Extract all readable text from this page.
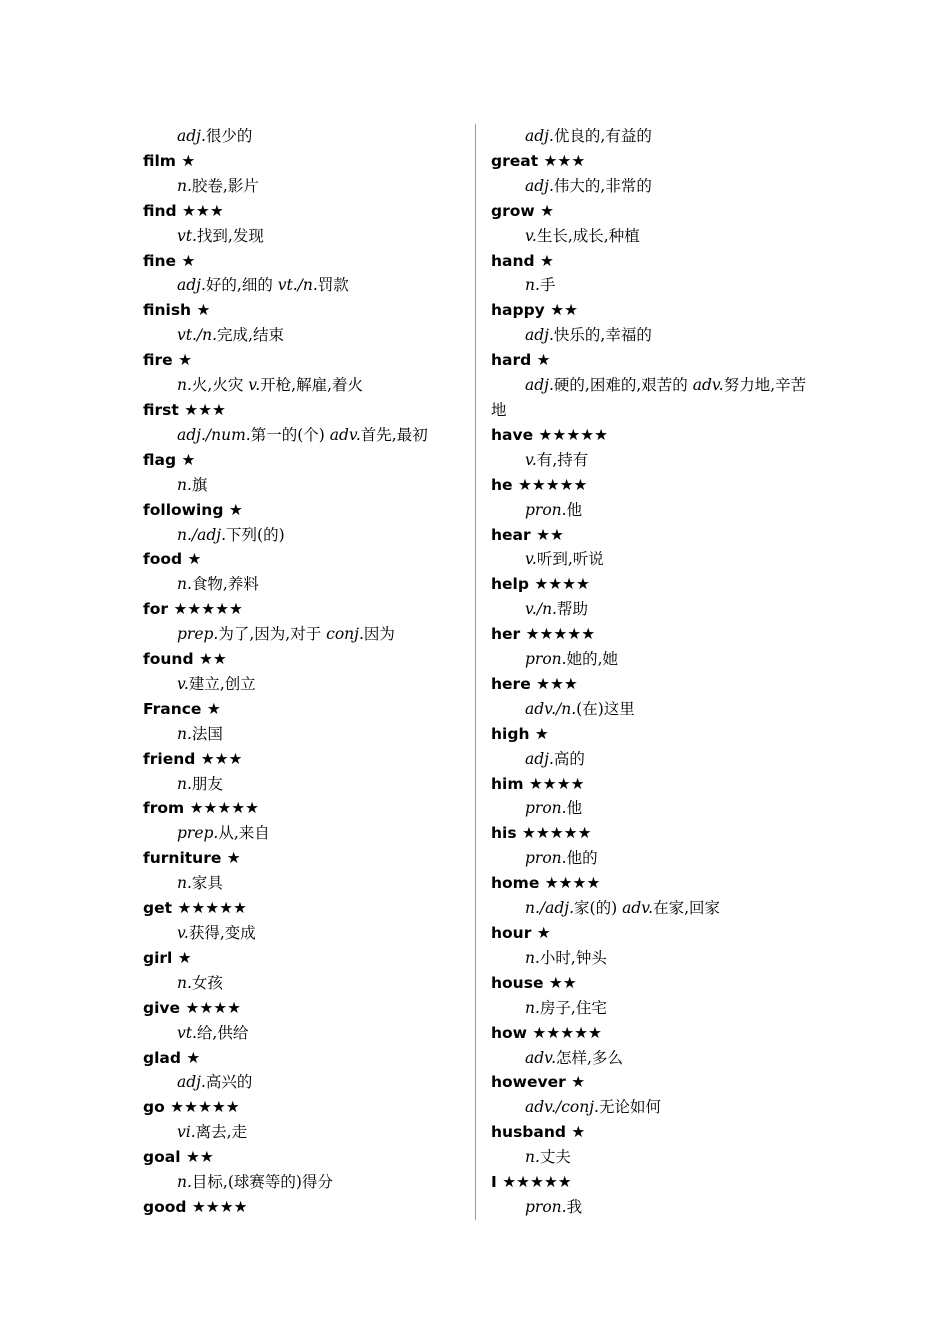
adj.很少的
film ★
n.胶卷,影片
find ★★★
vt.找到,发现
fine ★
adj.好的,细的 vt./n.罚款
finish ★
vt./n.完成,结束
fire ★
n.火,火灾 v.开枪,解雇,着火
first ★★★
adj./num.第一的(个) adv.首先,最初
flag ★
n.旗
following ★
n./adj.下列(的)
food ★
n.食物,养料
for ★★★★★
prep.为了,因为,对于 conj.因为
found ★★
v.建立,创立
France ★
n.法国
friend ★★★
n.朋友
from ★★★★★
prep.从,来自
furniture ★
n.家具
get ★★★★★
v.获得,变成
girl ★
n.女孩
give ★★★★
vt.给,供给
glad ★
adj.高兴的
go ★★★★★
vi.离去,走
goal ★★
n.目标,(球赛等的)得分
good ★★★★
adj.优良的,有益的
great ★★★
adj.伟大的,非常的
grow ★
v.生长,成长,种植
hand ★
n.手
happy ★★
adj.快乐的,幸福的
hard ★
adj.硬的,困难的,艰苦的 adv.努力地,辛苦地
have ★★★★★
v.有,持有
he ★★★★★
pron.他
hear ★★
v.听到,听说
help ★★★★
v./n.帮助
her ★★★★★
pron.她的,她
here ★★★
adv./n.(在)这里
high ★
adj.高的
him ★★★★
pron.他
his ★★★★★
pron.他的
home ★★★★
n./adj.家(的) adv.在家,回家
hour ★
n.小时,钟头
house ★★
n.房子,住宅
how ★★★★★
adv.怎样,多么
however ★
adv./conj.无论如何
husband ★
n.丈夫
I ★★★★★
pron.我
